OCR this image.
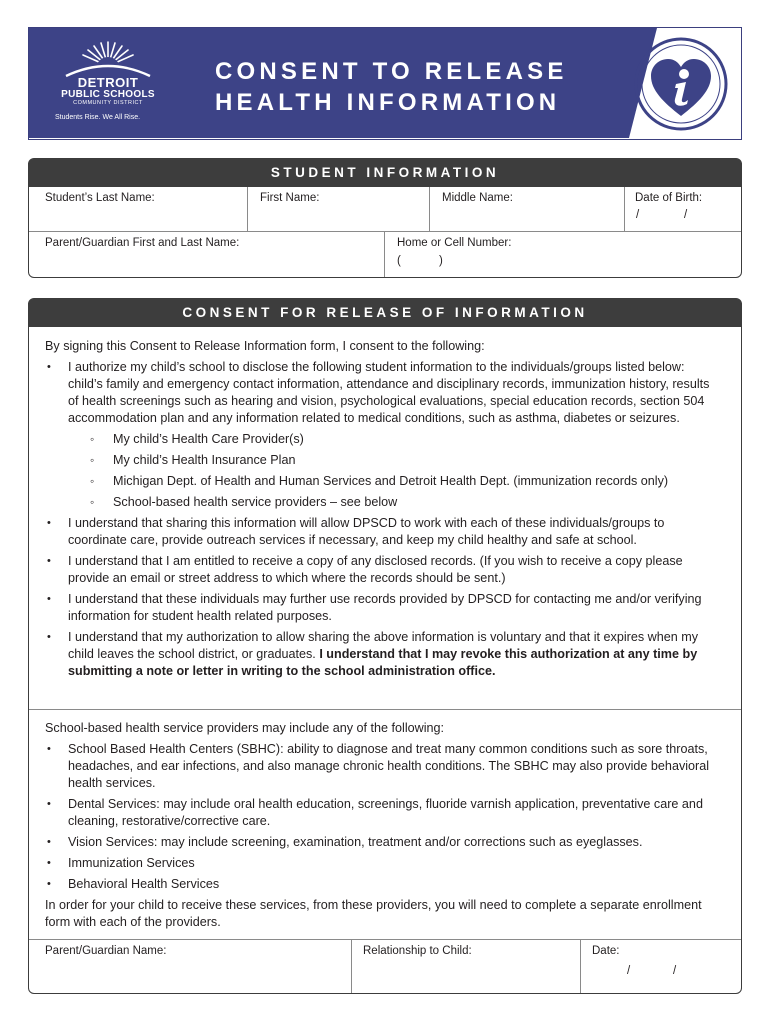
DETROIT
PUBLIC SCHOOLS
COMMUNITY DISTRICT
Students Rise. We All Rise.
CONSENT TO RELEASE
HEALTH INFORMATION
STUDENT INFORMATION
Student’s Last Name:	First Name:	Middle Name:	Date of Birth:
/	/
Parent/Guardian First and Last Name:	Home or Cell Number:
(	)
CONSENT FOR RELEASE OF INFORMATION

By signing this Consent to Release Information form, I consent to the following:

• I authorize my child’s school to disclose the following student information to the individuals/groups listed below: child’s family and emergency contact information, attendance and disciplinary records, immunization history, results of health screenings such as hearing and vision, psychological evaluations, special education records, section 504 accommodation plan and any information related to medical conditions, such as asthma, diabetes or seizures.
◦ My child’s Health Care Provider(s)
◦ My child’s Health Insurance Plan
◦ Michigan Dept. of Health and Human Services and Detroit Health Dept. (immunization records only)
◦ School-based health service providers – see below
• I understand that sharing this information will allow DPSCD to work with each of these individuals/groups to coordinate care, provide outreach services if necessary, and keep my child healthy and safe at school.
• I understand that I am entitled to receive a copy of any disclosed records. (If you wish to receive a copy please provide an email or street address to which where the records should be sent.)
• I understand that these individuals may further use records provided by DPSCD for contacting me and/or verifying information for student health related purposes.
• I understand that my authorization to allow sharing the above information is voluntary and that it expires when my child leaves the school district, or graduates. I understand that I may revoke this authorization at any time by submitting a note or letter in writing to the school administration office.

School-based health service providers may include any of the following:

• School Based Health Centers (SBHC): ability to diagnose and treat many common conditions such as sore throats, headaches, and ear infections, and also manage chronic health conditions. The SBHC may also provide behavioral health services.
• Dental Services: may include oral health education, screenings, fluoride varnish application, preventative care and cleaning, restorative/corrective care.
• Vision Services: may include screening, examination, treatment and/or corrections such as eyeglasses.
• Immunization Services
• Behavioral Health Services

In order for your child to receive these services, from these providers, you will need to complete a separate enrollment form with each of the providers.

Parent/Guardian Name:	Relationship to Child:	Date:
/	/
